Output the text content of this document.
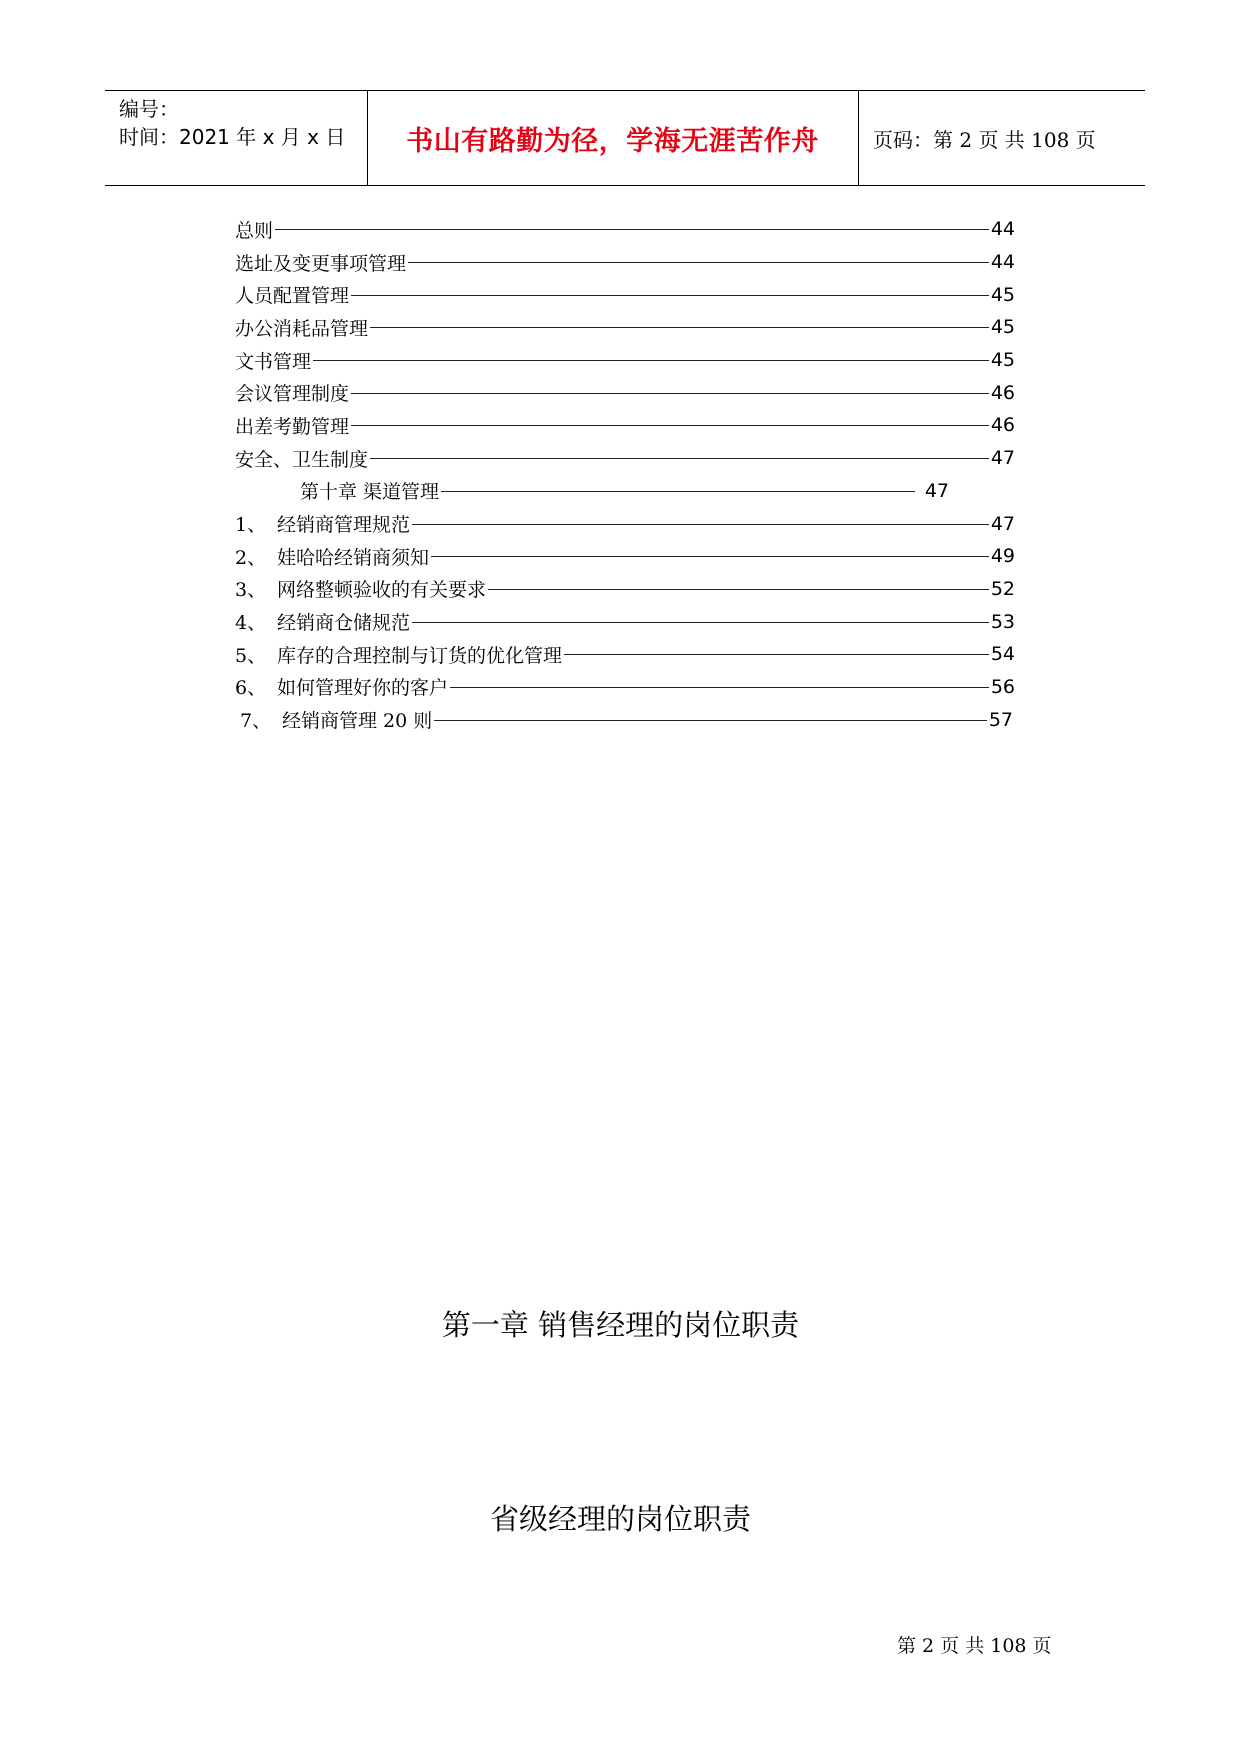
编号：
时间：2021 年 x 月 x 日 书山有路勤为径，学海无涯苦作舟	页码：第 2 页 共 108 页
总则	44
选址及变更事项管理	44
人员配置管理	45
办公消耗品管理	45
文书管理	45
会议管理制度	46
出差考勤管理	46
安全、卫生制度	47
第十章 渠道管理	47
1、 经销商管理规范	47
2、 娃哈哈经销商须知	49
3、 网络整顿验收的有关要求	52
4、 经销商仓储规范	53
5、 库存的合理控制与订货的优化管理	54
6、 如何管理好你的客户	56
7、 经销商管理 20 则	57
第一章 销售经理的岗位职责
省级经理的岗位职责
第 2 页 共 108 页
